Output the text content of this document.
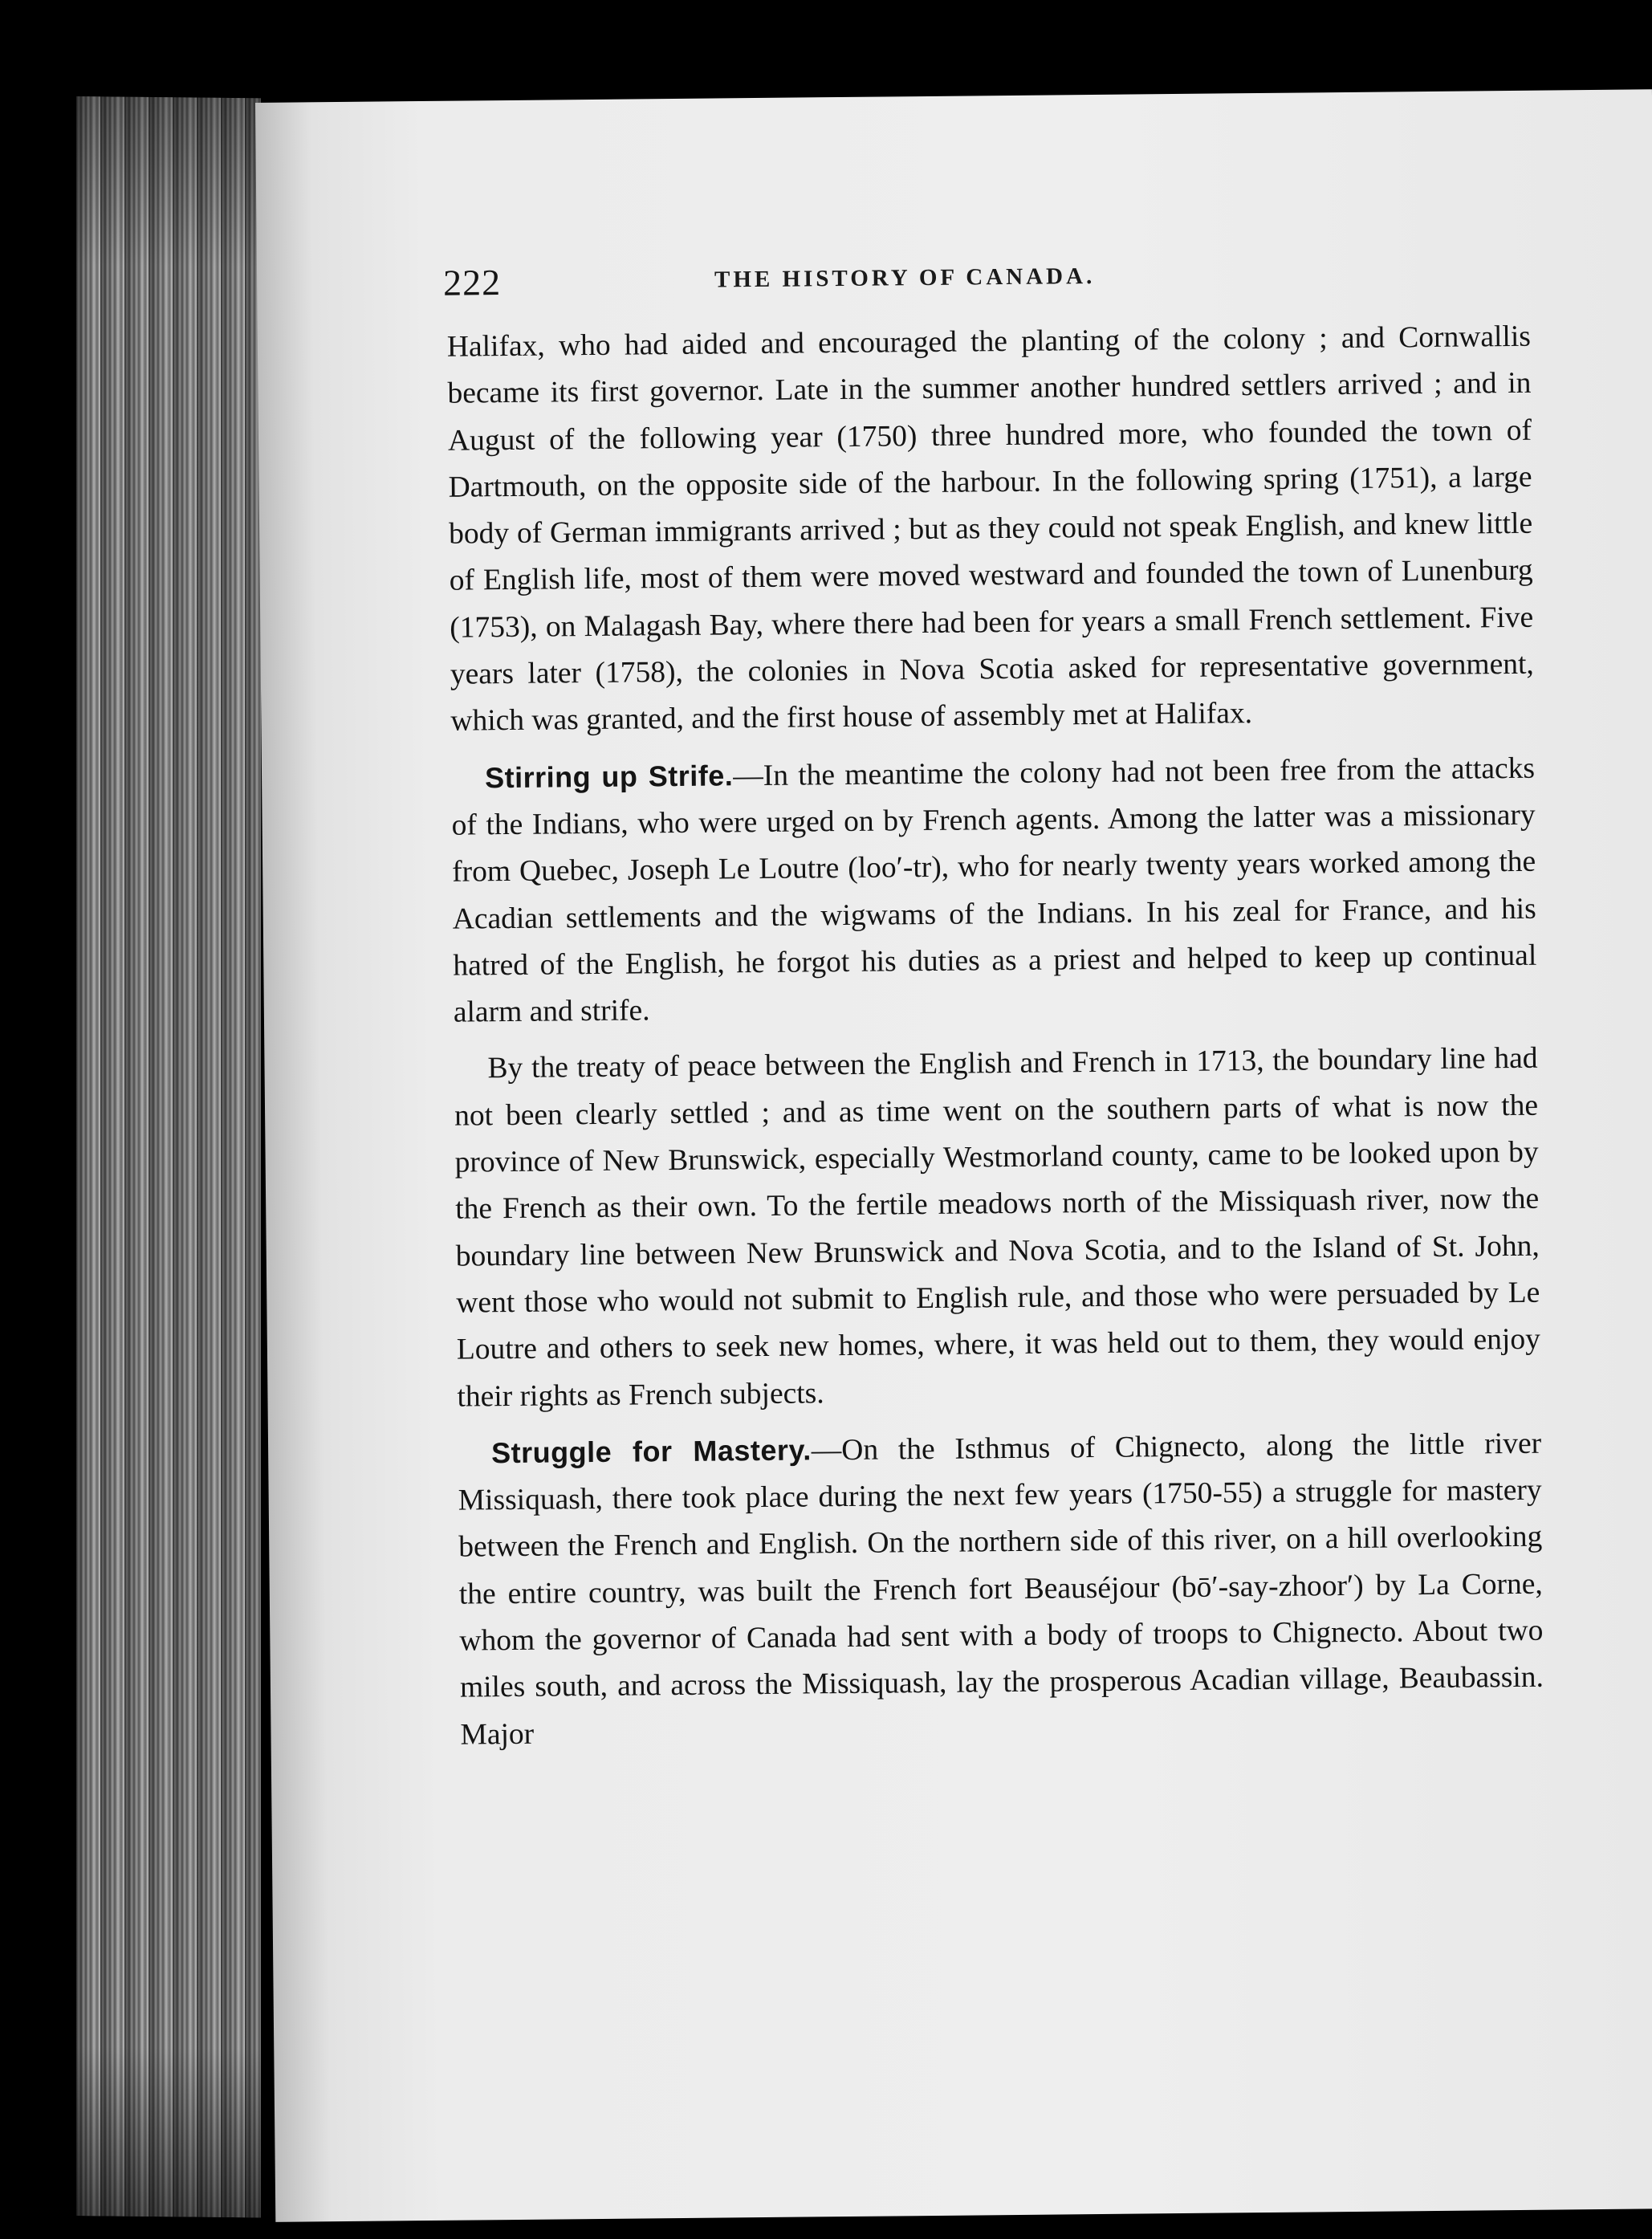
222	THE HISTORY OF CANADA.

Halifax, who had aided and encouraged the planting of the colony ; and Cornwallis became its first governor. Late in the summer another hundred settlers arrived ; and in August of the following year (1750) three hundred more, who founded the town of Dartmouth, on the opposite side of the harbour. In the following spring (1751), a large body of German immigrants arrived ; but as they could not speak English, and knew little of English life, most of them were moved westward and founded the town of Lunenburg (1753), on Malagash Bay, where there had been for years a small French settlement. Five years later (1758), the colonies in Nova Scotia asked for representative government, which was granted, and the first house of assembly met at Halifax.

Stirring up Strife.—In the meantime the colony had not been free from the attacks of the Indians, who were urged on by French agents. Among the latter was a missionary from Quebec, Joseph Le Loutre (loo′-tr), who for nearly twenty years worked among the Acadian settlements and the wigwams of the Indians. In his zeal for France, and his hatred of the English, he forgot his duties as a priest and helped to keep up continual alarm and strife.

By the treaty of peace between the English and French in 1713, the boundary line had not been clearly settled ; and as time went on the southern parts of what is now the province of New Brunswick, especially Westmorland county, came to be looked upon by the French as their own. To the fertile meadows north of the Missiquash river, now the boundary line between New Brunswick and Nova Scotia, and to the Island of St. John, went those who would not submit to English rule, and those who were persuaded by Le Loutre and others to seek new homes, where, it was held out to them, they would enjoy their rights as French subjects.

Struggle for Mastery.—On the Isthmus of Chignecto, along the little river Missiquash, there took place during the next few years (1750-55) a struggle for mastery between the French and English. On the northern side of this river, on a hill overlooking the entire country, was built the French fort Beauséjour (bō′-say-zhoor′) by La Corne, whom the governor of Canada had sent with a body of troops to Chignecto. About two miles south, and across the Missiquash, lay the prosperous Acadian village, Beaubassin. Major
